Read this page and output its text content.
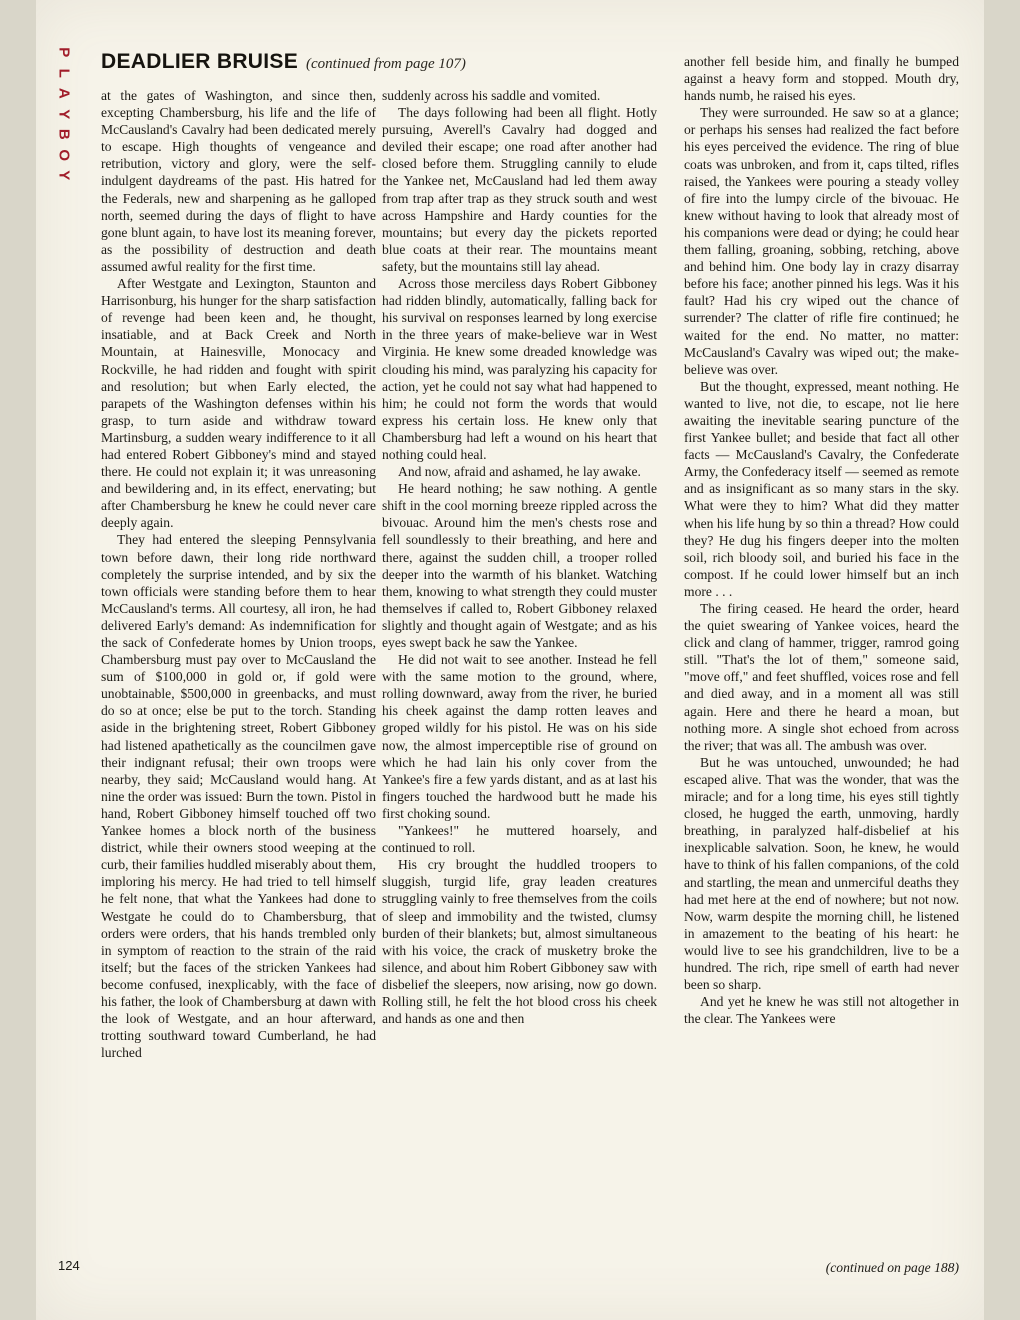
P
L
A
Y
B
O
Y
DEADLIER BRUISE (continued from page 107)

at the gates of Washington, and since then, excepting Chambersburg, his life and the life of McCausland's Cavalry had been dedicated merely to escape. High thoughts of vengeance and retribution, victory and glory, were the self-indulgent daydreams of the past. His hatred for the Federals, new and sharpening as he galloped north, seemed during the days of flight to have gone blunt again, to have lost its meaning forever, as the possibility of destruction and death assumed awful reality for the first time.

After Westgate and Lexington, Staunton and Harrisonburg, his hunger for the sharp satisfaction of revenge had been keen and, he thought, insatiable, and at Back Creek and North Mountain, at Hainesville, Monocacy and Rockville, he had ridden and fought with spirit and resolution; but when Early elected, the parapets of the Washington defenses within his grasp, to turn aside and withdraw toward Martinsburg, a sudden weary indifference to it all had entered Robert Gibboney's mind and stayed there. He could not explain it; it was unreasoning and bewildering and, in its effect, enervating; but after Chambersburg he knew he could never care deeply again.

They had entered the sleeping Pennsylvania town before dawn, their long ride northward completely the surprise intended, and by six the town officials were standing before them to hear McCausland's terms. All courtesy, all iron, he had delivered Early's demand: As indemnification for the sack of Confederate homes by Union troops, Chambersburg must pay over to McCausland the sum of $100,000 in gold or, if gold were unobtainable, $500,000 in greenbacks, and must do so at once; else be put to the torch. Standing aside in the brightening street, Robert Gibboney had listened apathetically as the councilmen gave their indignant refusal; their own troops were nearby, they said; McCausland would hang. At nine the order was issued: Burn the town. Pistol in hand, Robert Gibboney himself touched off two Yankee homes a block north of the business district, while their owners stood weeping at the curb, their families huddled miserably about them, imploring his mercy. He had tried to tell himself he felt none, that what the Yankees had done to Westgate he could do to Chambersburg, that orders were orders, that his hands trembled only in symptom of reaction to the strain of the raid itself; but the faces of the stricken Yankees had become confused, inexplicably, with the face of his father, the look of Chambersburg at dawn with the look of Westgate, and an hour afterward, trotting southward toward Cumberland, he had lurched

suddenly across his saddle and vomited.

The days following had been all flight. Hotly pursuing, Averell's Cavalry had dogged and deviled their escape; one road after another had closed before them. Struggling cannily to elude the Yankee net, McCausland had led them away from trap after trap as they struck south and west across Hampshire and Hardy counties for the mountains; but every day the pickets reported blue coats at their rear. The mountains meant safety, but the mountains still lay ahead.

Across those merciless days Robert Gibboney had ridden blindly, automatically, falling back for his survival on responses learned by long exercise in the three years of make-believe war in West Virginia. He knew some dreaded knowledge was clouding his mind, was paralyzing his capacity for action, yet he could not say what had happened to him; he could not form the words that would express his certain loss. He knew only that Chambersburg had left a wound on his heart that nothing could heal.

And now, afraid and ashamed, he lay awake.

He heard nothing; he saw nothing. A gentle shift in the cool morning breeze rippled across the bivouac. Around him the men's chests rose and fell soundlessly to their breathing, and here and there, against the sudden chill, a trooper rolled deeper into the warmth of his blanket. Watching them, knowing to what strength they could muster themselves if called to, Robert Gibboney relaxed slightly and thought again of Westgate; and as his eyes swept back he saw the Yankee.

He did not wait to see another. Instead he fell with the same motion to the ground, where, rolling downward, away from the river, he buried his cheek against the damp rotten leaves and groped wildly for his pistol. He was on his side now, the almost imperceptible rise of ground on which he had lain his only cover from the Yankee's fire a few yards distant, and as at last his fingers touched the hardwood butt he made his first choking sound.

"Yankees!" he muttered hoarsely, and continued to roll.

His cry brought the huddled troopers to sluggish, turgid life, gray leaden creatures struggling vainly to free themselves from the coils of sleep and immobility and the twisted, clumsy burden of their blankets; but, almost simultaneous with his voice, the crack of musketry broke the silence, and about him Robert Gibboney saw with disbelief the sleepers, now arising, now go down. Rolling still, he felt the hot blood cross his cheek and hands as one and then

another fell beside him, and finally he bumped against a heavy form and stopped. Mouth dry, hands numb, he raised his eyes.

They were surrounded. He saw so at a glance; or perhaps his senses had realized the fact before his eyes perceived the evidence. The ring of blue coats was unbroken, and from it, caps tilted, rifles raised, the Yankees were pouring a steady volley of fire into the lumpy circle of the bivouac. He knew without having to look that already most of his companions were dead or dying; he could hear them falling, groaning, sobbing, retching, above and behind him. One body lay in crazy disarray before his face; another pinned his legs. Was it his fault? Had his cry wiped out the chance of surrender? The clatter of rifle fire continued; he waited for the end. No matter, no matter: McCausland's Cavalry was wiped out; the make-believe was over.

But the thought, expressed, meant nothing. He wanted to live, not die, to escape, not lie here awaiting the inevitable searing puncture of the first Yankee bullet; and beside that fact all other facts — McCausland's Cavalry, the Confederate Army, the Confederacy itself — seemed as remote and as insignificant as so many stars in the sky. What were they to him? What did they matter when his life hung by so thin a thread? How could they? He dug his fingers deeper into the molten soil, rich bloody soil, and buried his face in the compost. If he could lower himself but an inch more . . .

The firing ceased. He heard the order, heard the quiet swearing of Yankee voices, heard the click and clang of hammer, trigger, ramrod going still. "That's the lot of them," someone said, "move off," and feet shuffled, voices rose and fell and died away, and in a moment all was still again. Here and there he heard a moan, but nothing more. A single shot echoed from across the river; that was all. The ambush was over.

But he was untouched, unwounded; he had escaped alive. That was the wonder, that was the miracle; and for a long time, his eyes still tightly closed, he hugged the earth, unmoving, hardly breathing, in paralyzed half-disbelief at his inexplicable salvation. Soon, he knew, he would have to think of his fallen companions, of the cold and startling, the mean and unmerciful deaths they had met here at the end of nowhere; but not now. Now, warm despite the morning chill, he listened in amazement to the beating of his heart: he would live to see his grandchildren, live to be a hundred. The rich, ripe smell of earth had never been so sharp.

And yet he knew he was still not altogether in the clear. The Yankees were

(continued on page 188)
124
